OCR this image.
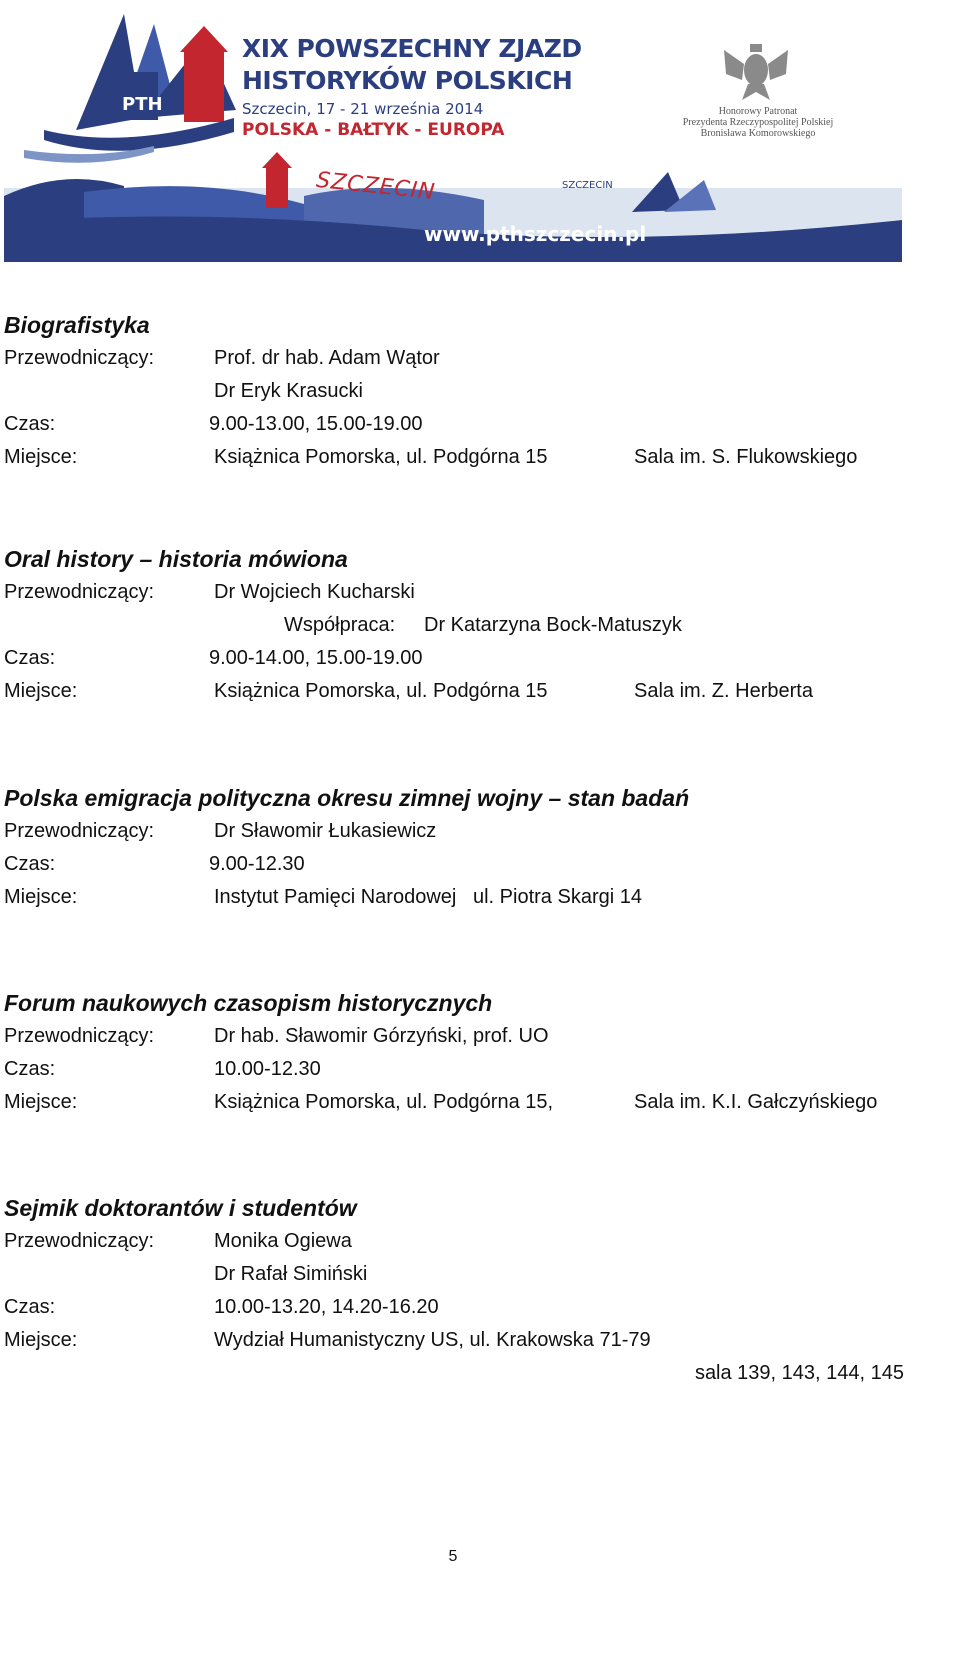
PTH
XIX POWSZECHNY ZJAZD
HISTORYKÓW POLSKICH
Szczecin, 17 - 21 września 2014
POLSKA - BAŁTYK - EUROPA
Honorowy Patronat
Prezydenta Rzeczypospolitej Polskiej
Bronisława Komorowskiego
SZCZECIN	SZCZECIN
www.pthszczecin.pl
Biografistyka
Przewodniczący:	Prof. dr hab. Adam Wątor
Dr Eryk Krasucki
Czas:	9.00-13.00, 15.00-19.00
Miejsce:	Książnica Pomorska, ul. Podgórna 15	Sala im. S. Flukowskiego
Oral history – historia mówiona
Przewodniczący:	Dr Wojciech Kucharski
Współpraca: Dr Katarzyna Bock-Matuszyk
Czas:	9.00-14.00, 15.00-19.00
Miejsce:	Książnica Pomorska, ul. Podgórna 15	Sala im. Z. Herberta
Polska emigracja polityczna okresu zimnej wojny – stan badań
Przewodniczący:	Dr Sławomir Łukasiewicz
Czas:	9.00-12.30
Miejsce:	Instytut Pamięci Narodowej   ul. Piotra Skargi 14
Forum naukowych czasopism historycznych
Przewodniczący:	Dr hab. Sławomir Górzyński, prof. UO
Czas:	10.00-12.30
Miejsce:	Książnica Pomorska, ul. Podgórna 15,	Sala im. K.I. Gałczyńskiego
Sejmik doktorantów i studentów
Przewodniczący:	Monika Ogiewa
Dr Rafał Simiński
Czas:	10.00-13.20, 14.20-16.20
Miejsce:	Wydział Humanistyczny US, ul. Krakowska 71-79
sala 139, 143, 144, 145
5
